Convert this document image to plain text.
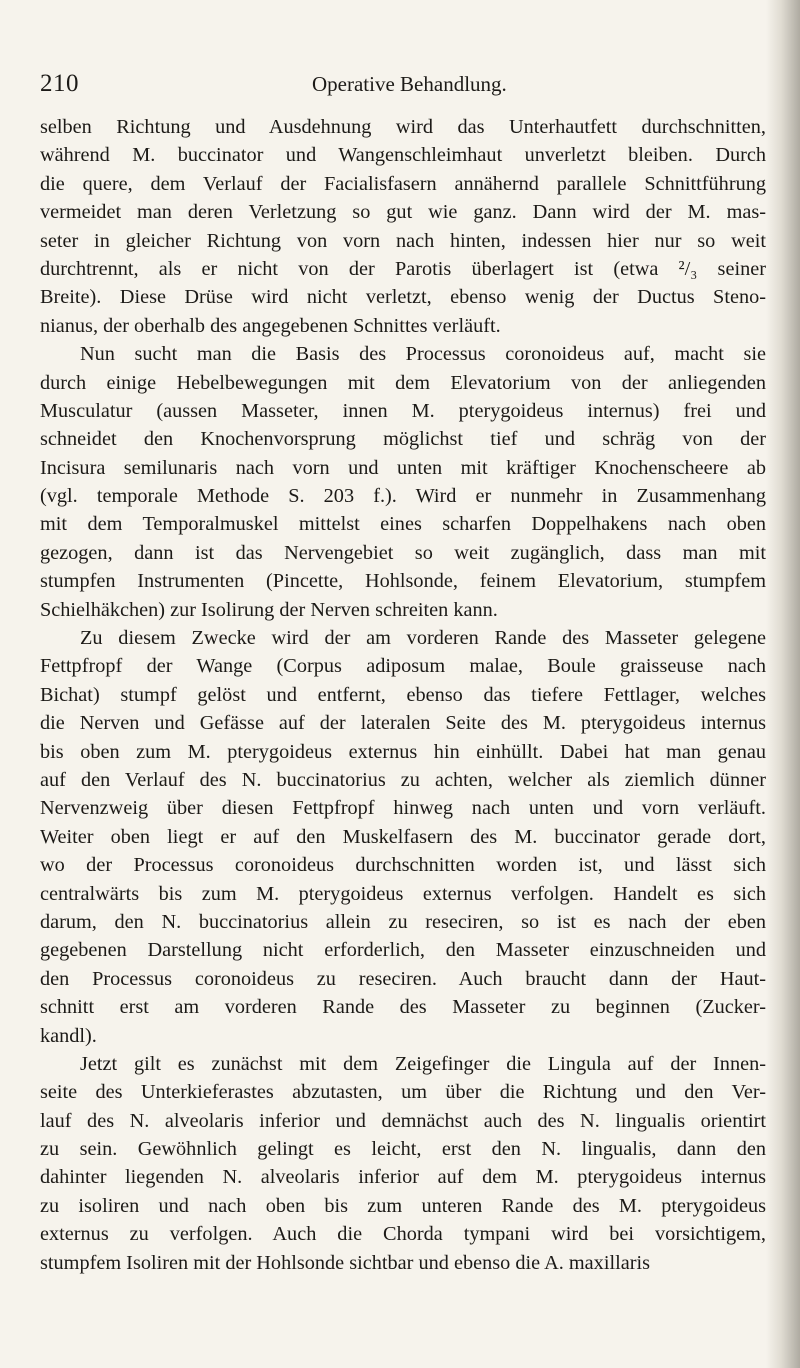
210	Operative Behandlung.
selben Richtung und Ausdehnung wird das Unterhautfett durchschnitten,
während M. buccinator und Wangenschleimhaut unverletzt bleiben. Durch
die quere, dem Verlauf der Facialisfasern annähernd parallele Schnittführung
vermeidet man deren Verletzung so gut wie ganz. Dann wird der M. mas-
seter in gleicher Richtung von vorn nach hinten, indessen hier nur so weit
durchtrennt, als er nicht von der Parotis überlagert ist (etwa ²/₃ seiner
Breite). Diese Drüse wird nicht verletzt, ebenso wenig der Ductus Steno-
nianus, der oberhalb des angegebenen Schnittes verläuft.
Nun sucht man die Basis des Processus coronoideus auf, macht sie
durch einige Hebelbewegungen mit dem Elevatorium von der anliegenden
Musculatur (aussen Masseter, innen M. pterygoideus internus) frei und
schneidet den Knochenvorsprung möglichst tief und schräg von der
Incisura semilunaris nach vorn und unten mit kräftiger Knochenscheere ab
(vgl. temporale Methode S. 203 f.). Wird er nunmehr in Zusammenhang
mit dem Temporalmuskel mittelst eines scharfen Doppelhakens nach oben
gezogen, dann ist das Nervengebiet so weit zugänglich, dass man mit
stumpfen Instrumenten (Pincette, Hohlsonde, feinem Elevatorium, stumpfem
Schielhäkchen) zur Isolirung der Nerven schreiten kann.
Zu diesem Zwecke wird der am vorderen Rande des Masseter gelegene
Fettpfropf der Wange (Corpus adiposum malae, Boule graisseuse nach
Bichat) stumpf gelöst und entfernt, ebenso das tiefere Fettlager, welches
die Nerven und Gefässe auf der lateralen Seite des M. pterygoideus internus
bis oben zum M. pterygoideus externus hin einhüllt. Dabei hat man genau
auf den Verlauf des N. buccinatorius zu achten, welcher als ziemlich dünner
Nervenzweig über diesen Fettpfropf hinweg nach unten und vorn verläuft.
Weiter oben liegt er auf den Muskelfasern des M. buccinator gerade dort,
wo der Processus coronoideus durchschnitten worden ist, und lässt sich
centralwärts bis zum M. pterygoideus externus verfolgen. Handelt es sich
darum, den N. buccinatorius allein zu reseciren, so ist es nach der eben
gegebenen Darstellung nicht erforderlich, den Masseter einzuschneiden und
den Processus coronoideus zu reseciren. Auch braucht dann der Haut-
schnitt erst am vorderen Rande des Masseter zu beginnen (Zucker-
kandl).
Jetzt gilt es zunächst mit dem Zeigefinger die Lingula auf der Innen-
seite des Unterkieferastes abzutasten, um über die Richtung und den Ver-
lauf des N. alveolaris inferior und demnächst auch des N. lingualis orientirt
zu sein. Gewöhnlich gelingt es leicht, erst den N. lingualis, dann den
dahinter liegenden N. alveolaris inferior auf dem M. pterygoideus internus
zu isoliren und nach oben bis zum unteren Rande des M. pterygoideus
externus zu verfolgen. Auch die Chorda tympani wird bei vorsichtigem,
stumpfem Isoliren mit der Hohlsonde sichtbar und ebenso die A. maxillaris
